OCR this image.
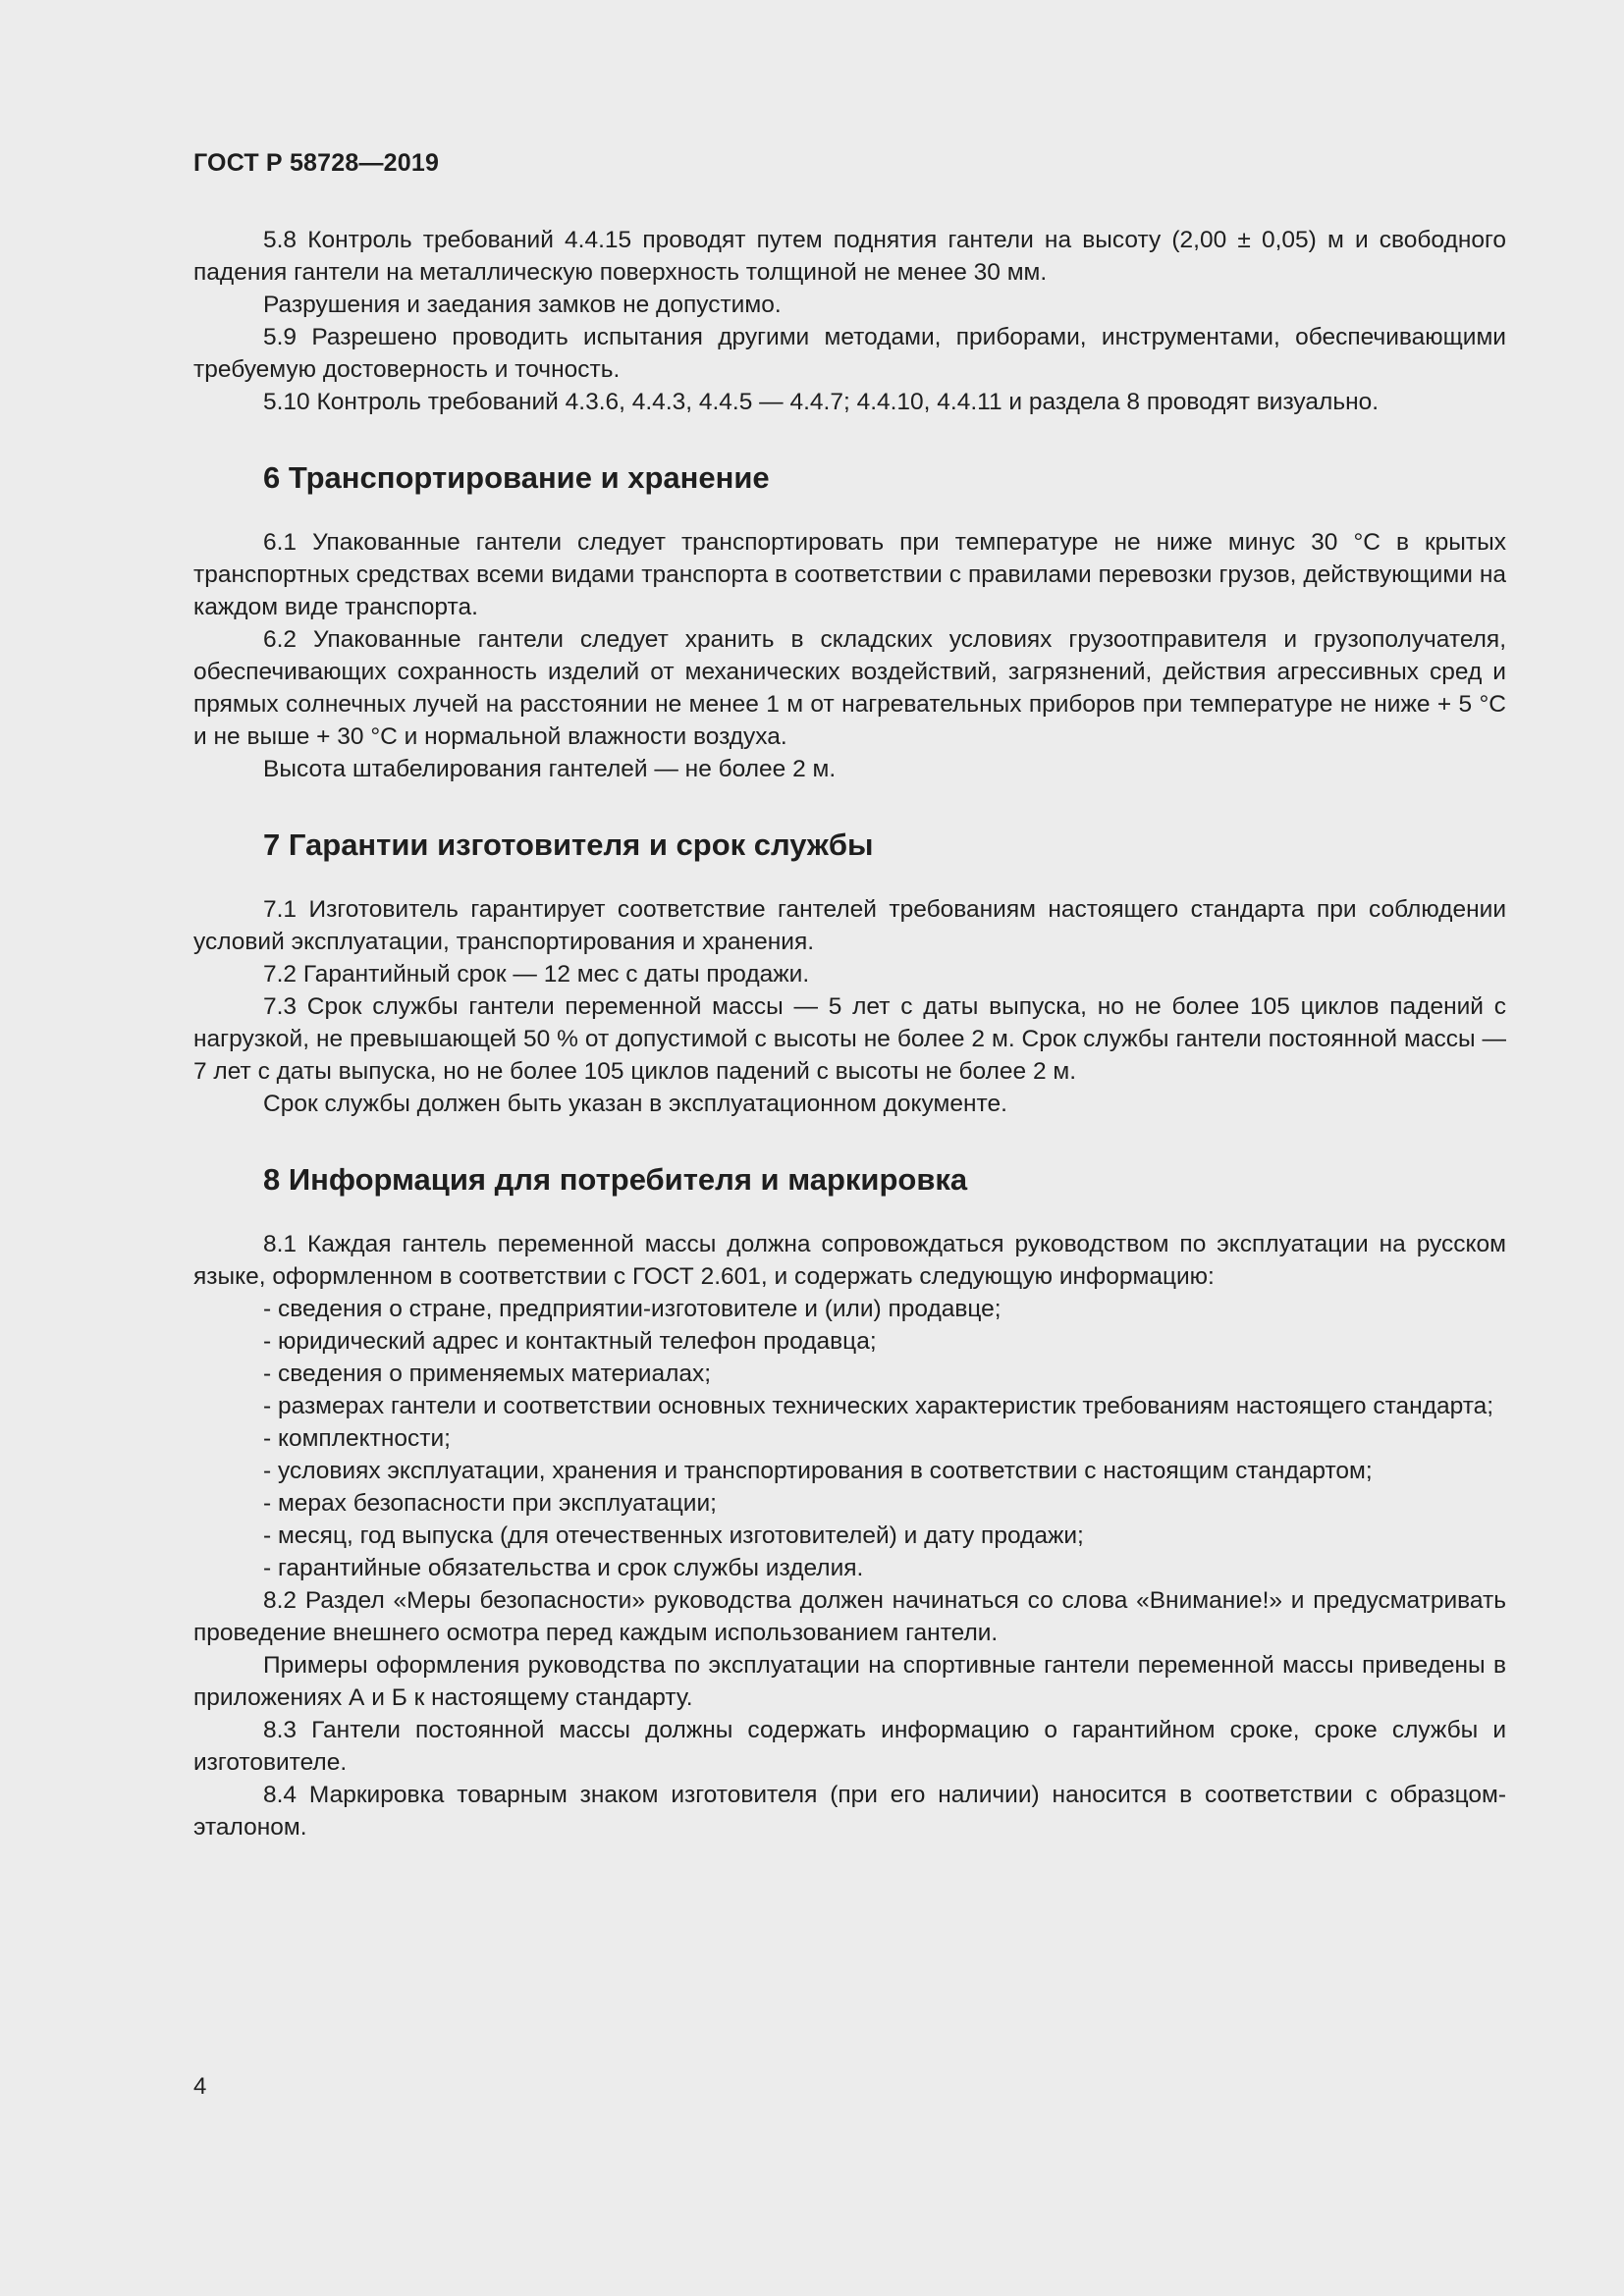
ГОСТ Р 58728—2019

5.8 Контроль требований 4.4.15 проводят путем поднятия гантели на высоту (2,00 ± 0,05) м и свободного падения гантели на металлическую поверхность толщиной не менее 30 мм.

Разрушения и заедания замков не допустимо.

5.9 Разрешено проводить испытания другими методами, приборами, инструментами, обеспечивающими требуемую достоверность и точность.

5.10 Контроль требований 4.3.6, 4.4.3, 4.4.5 — 4.4.7; 4.4.10, 4.4.11 и раздела 8 проводят визуально.

6 Транспортирование и хранение

6.1 Упакованные гантели следует транспортировать при температуре не ниже минус 30 °С в крытых транспортных средствах всеми видами транспорта в соответствии с правилами перевозки грузов, действующими на каждом виде транспорта.

6.2 Упакованные гантели следует хранить в складских условиях грузоотправителя и грузополучателя, обеспечивающих сохранность изделий от механических воздействий, загрязнений, действия агрессивных сред и прямых солнечных лучей на расстоянии не менее 1 м от нагревательных приборов при температуре не ниже + 5 °С и не выше + 30 °С и нормальной влажности воздуха.

Высота штабелирования гантелей — не более 2 м.

7 Гарантии изготовителя и срок службы

7.1 Изготовитель гарантирует соответствие гантелей требованиям настоящего стандарта при соблюдении условий эксплуатации, транспортирования и хранения.

7.2 Гарантийный срок — 12 мес с даты продажи.

7.3 Срок службы гантели переменной массы — 5 лет с даты выпуска, но не более 105 циклов падений с нагрузкой, не превышающей 50 % от допустимой с высоты не более 2 м. Срок службы гантели постоянной массы — 7 лет с даты выпуска, но не более 105 циклов падений с высоты не более 2 м.

Срок службы должен быть указан в эксплуатационном документе.

8 Информация для потребителя и маркировка

8.1 Каждая гантель переменной массы должна сопровождаться руководством по эксплуатации на русском языке, оформленном в соответствии с ГОСТ 2.601, и содержать следующую информацию:

- сведения о стране, предприятии-изготовителе и (или) продавце;

- юридический адрес и контактный телефон продавца;

- сведения о применяемых материалах;

- размерах гантели и соответствии основных технических характеристик требованиям настоящего стандарта;

- комплектности;

- условиях эксплуатации, хранения и транспортирования в соответствии с настоящим стандартом;

- мерах безопасности при эксплуатации;

- месяц, год выпуска (для отечественных изготовителей) и дату продажи;

- гарантийные обязательства и срок службы изделия.

8.2 Раздел «Меры безопасности» руководства должен начинаться со слова «Внимание!» и предусматривать проведение внешнего осмотра перед каждым использованием гантели.

Примеры оформления руководства по эксплуатации на спортивные гантели переменной массы приведены в приложениях А и Б к настоящему стандарту.

8.3 Гантели постоянной массы должны содержать информацию о гарантийном сроке, сроке службы и изготовителе.

8.4 Маркировка товарным знаком изготовителя (при его наличии) наносится в соответствии с образцом-эталоном.

4
